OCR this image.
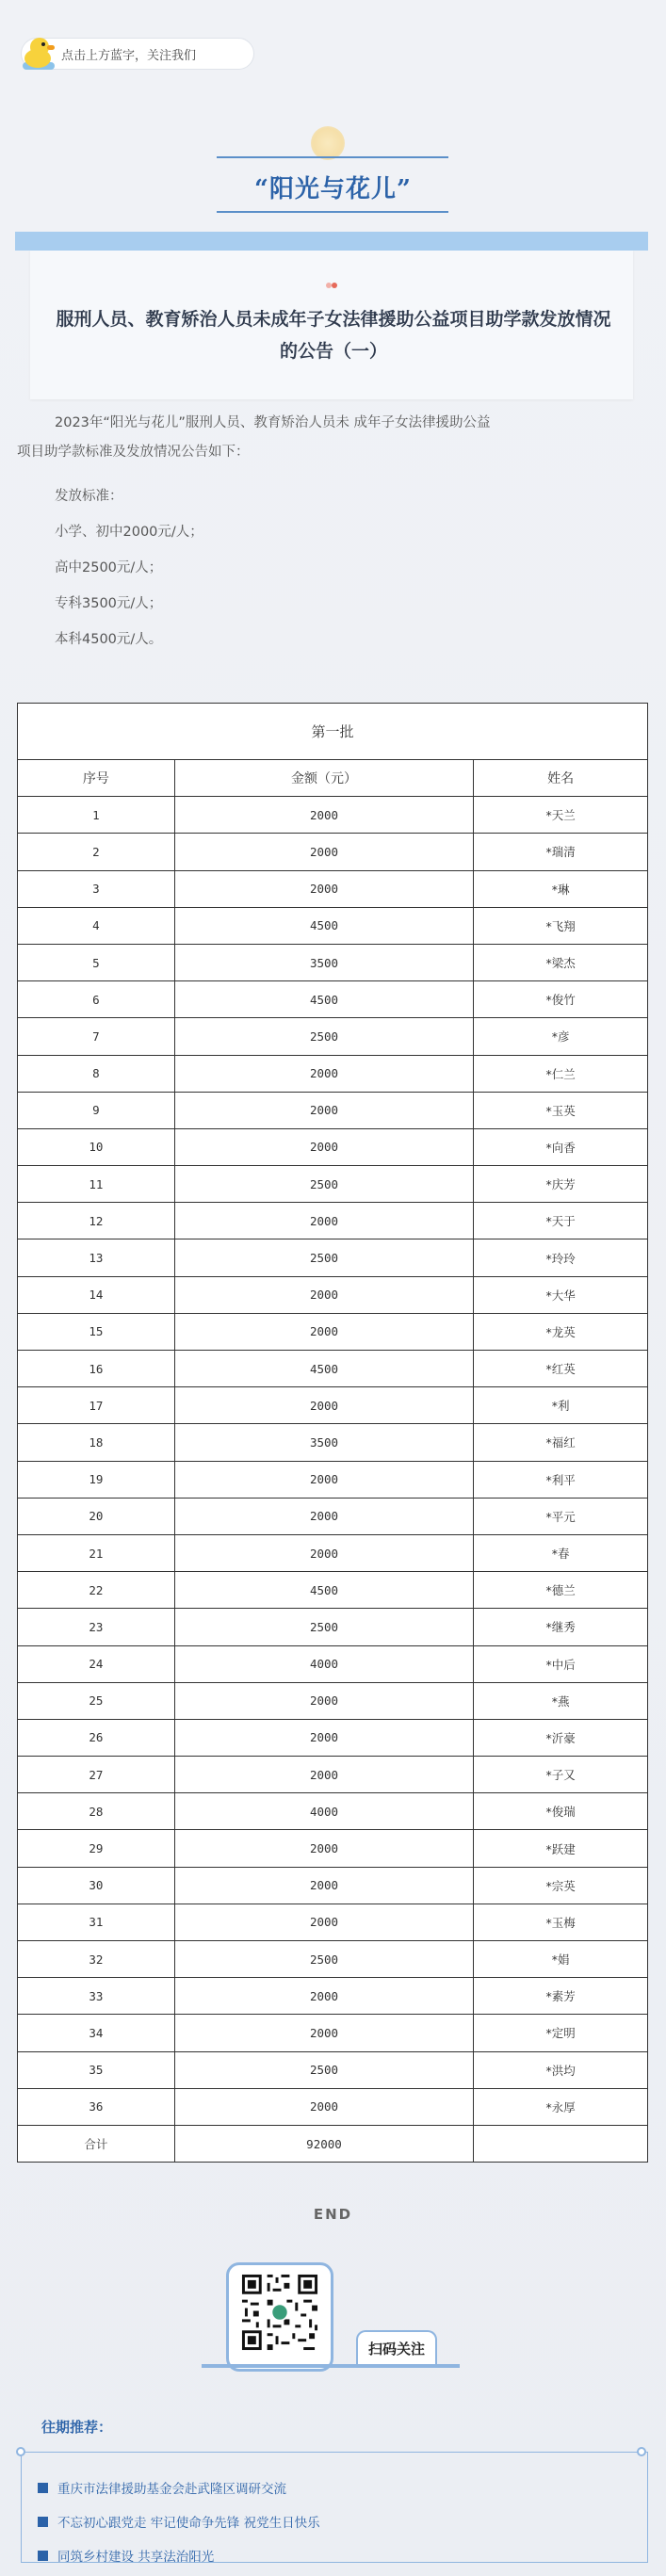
点击上方蓝字，关注我们
“阳光与花儿”
服刑人员、教育矫治人员未成年子女法律援助公益项目助学款发放情况的公告（一）
2023年“阳光与花儿”服刑人员、教育矫治人员未 成年子女法律援助公益
项目助学款标准及发放情况公告如下：
发放标准：
小学、初中2000元/人；
高中2500元/人；
专科3500元/人；
本科4500元/人。
第一批		
序号	金额（元）	姓名
1	2000	*天兰
2	2000	*瑞清
3	2000	*琳
4	4500	*飞翔
5	3500	*梁杰
6	4500	*俊竹
7	2500	*彦
8	2000	*仁兰
9	2000	*玉英
10	2000	*向香
11	2500	*庆芳
12	2000	*天于
13	2500	*玲玲
14	2000	*大华
15	2000	*龙英
16	4500	*红英
17	2000	*利
18	3500	*福红
19	2000	*利平
20	2000	*平元
21	2000	*春
22	4500	*德兰
23	2500	*继秀
24	4000	*中后
25	2000	*燕
26	2000	*沂豪
27	2000	*子又
28	4000	*俊瑞
29	2000	*跃建
30	2000	*宗英
31	2000	*玉梅
32	2500	*娟
33	2000	*素芳
34	2000	*定明
35	2500	*洪均
36	2000	*永厚
合计	92000	
END
扫码关注
往期推荐：
重庆市法律援助基金会赴武隆区调研交流
不忘初心跟党走 牢记使命争先锋 祝党生日快乐
同筑乡村建设 共享法治阳光
